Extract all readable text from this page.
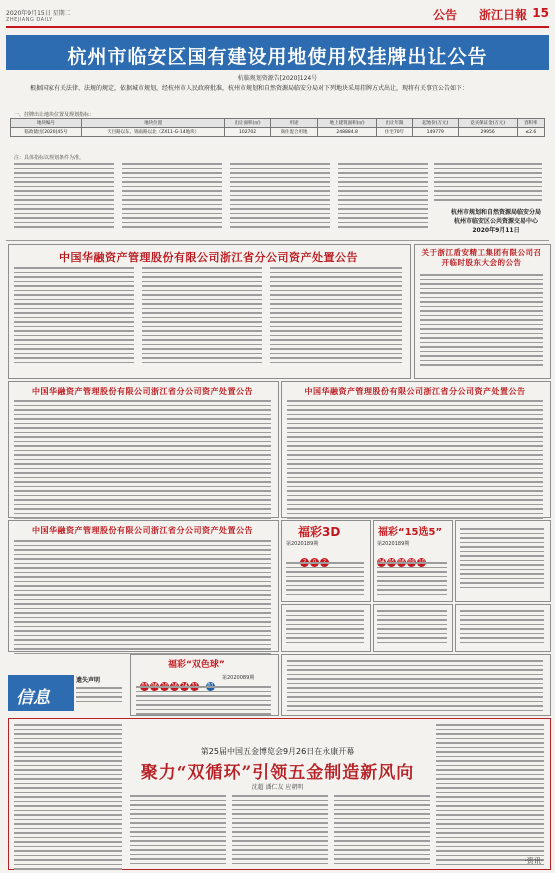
2020年9月15日 星期二
ZHEJIANG DAILY	公告 浙江日報 15
杭州市临安区国有建设用地使用权挂牌出让公告
杭临规划资源告[2020]124号
根据国家有关法律、法规的规定，依据城市规划，经杭州市人民政府批准，杭州市规划和自然资源局临安分局对下列地块采用挂牌方式出让，现将有关事宜公告如下：
一、挂牌出让地块位置及规划指标：
地块编号	地块位置	出让面积(㎡)	用途	地上建筑面积(㎡)	出让年限	起始价(万元)	竞买保证金(万元)	容积率
临政储出[2020]45号	天目路以东、锦南路以北（ZX11-G-14地块）	102702	商住混合用地	248884.8	住宅70年	149779	29956	≤2.6
注：具体指标以规划条件为准。
杭州市规划和自然资源局临安分局
杭州市临安区公共资源交易中心
2020年9月11日
中国华融资产管理股份有限公司浙江省分公司资产处置公告	关于浙江盾安精工集团有限公司召开临时股东大会的公告
中国华融资产管理股份有限公司浙江省分公司资产处置公告	中国华融资产管理股份有限公司浙江省分公司资产处置公告
中国华融资产管理股份有限公司浙江省分公司资产处置公告	福彩3D
第2020189期
福彩“15选5”
第2020189期
福彩“双色球”
第2020089期
信息
遗失声明
第25届中国五金博览会9月26日在永康开幕
聚力“双循环”引领五金制造新风向
沈超 潘仁友 应朝明
·资讯·
